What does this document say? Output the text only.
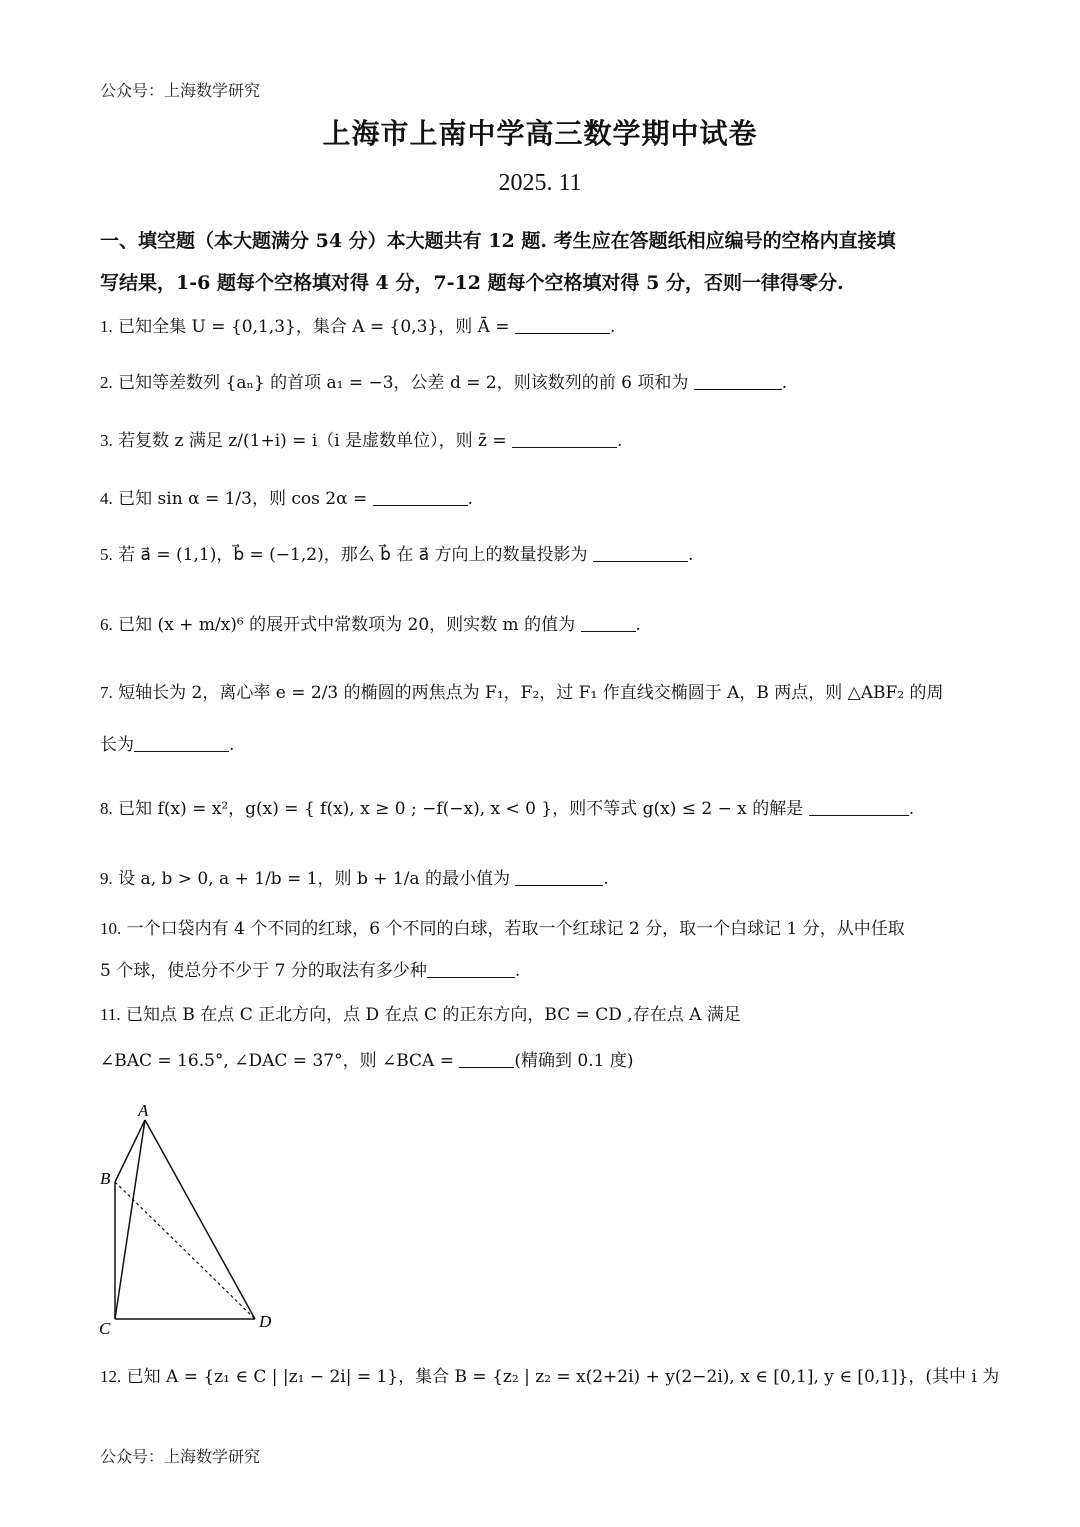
公众号：上海数学研究
上海市上南中学高三数学期中试卷
2025. 11
一、填空题（本大题满分 54 分）本大题共有 12 题. 考生应在答题纸相应编号的空格内直接填
写结果，1-6 题每个空格填对得 4 分，7-12 题每个空格填对得 5 分，否则一律得零分.
1. 已知全集 U = {0,1,3}，集合 A = {0,3}，则 Ā =	.
2. 已知等差数列 {aₙ} 的首项 a₁ = −3，公差 d = 2，则该数列的前 6 项和为	.
3. 若复数 z 满足 z/(1+i) = i（i 是虚数单位），则 z̄ =	.
4. 已知 sin α = 1/3，则 cos 2α =	.
5. 若 a⃗ = (1,1)，b⃗ = (−1,2)，那么 b⃗ 在 a⃗ 方向上的数量投影为	.
6. 已知 (x + m/x)⁶ 的展开式中常数项为 20，则实数 m 的值为	.
7. 短轴长为 2，离心率 e = 2/3 的椭圆的两焦点为 F₁，F₂，过 F₁ 作直线交椭圆于 A，B 两点，则 △ABF₂ 的周
长为	.
8. 已知 f(x) = x²，g(x) = { f(x), x ≥ 0 ; −f(−x), x < 0 }，则不等式 g(x) ≤ 2 − x 的解是	.
9. 设 a, b > 0, a + 1/b = 1，则 b + 1/a 的最小值为	.
10. 一个口袋内有 4 个不同的红球，6 个不同的白球，若取一个红球记 2 分，取一个白球记 1 分，从中任取
5 个球，使总分不少于 7 分的取法有多少种	.
11. 已知点 B 在点 C 正北方向，点 D 在点 C 的正东方向，BC = CD ,存在点 A 满足
∠BAC = 16.5°, ∠DAC = 37°，则 ∠BCA =	(精确到 0.1 度)
A
B
C	D
12. 已知 A = {z₁ ∈ C | |z₁ − 2i| = 1}，集合 B = {z₂ | z₂ = x(2+2i) + y(2−2i), x ∈ [0,1], y ∈ [0,1]}，(其中 i 为
公众号：上海数学研究
